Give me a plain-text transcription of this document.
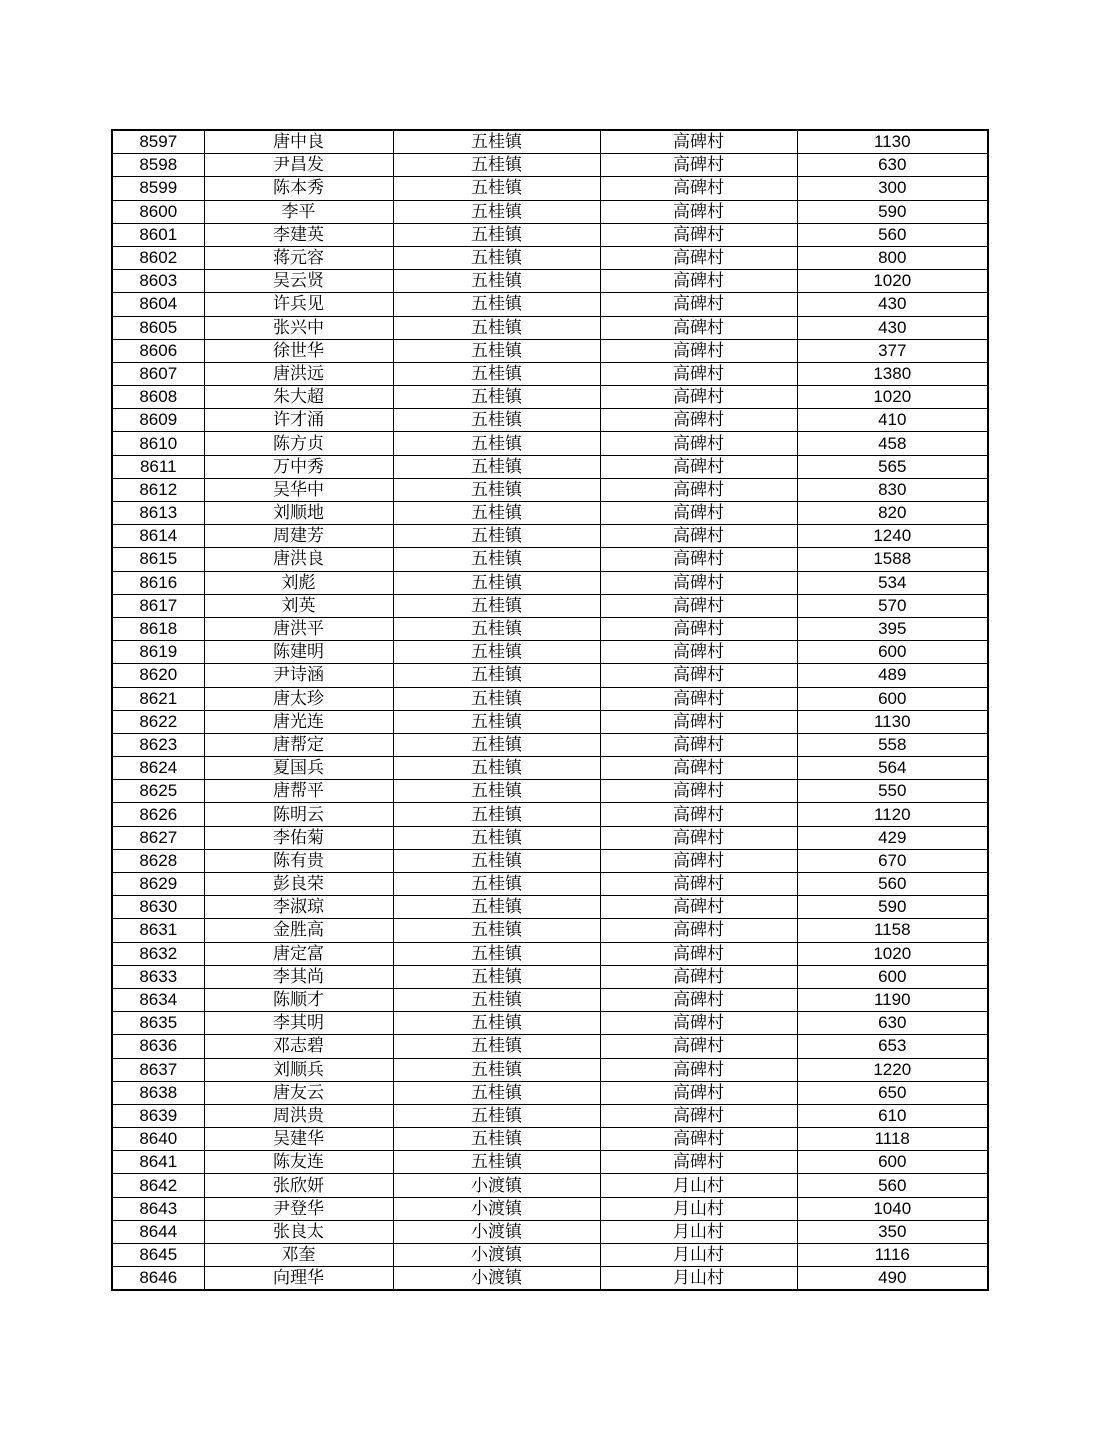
8597	唐中良	五桂镇	高碑村	1130
8598	尹昌发	五桂镇	高碑村	630
8599	陈本秀	五桂镇	高碑村	300
8600	李平	五桂镇	高碑村	590
8601	李建英	五桂镇	高碑村	560
8602	蒋元容	五桂镇	高碑村	800
8603	吴云贤	五桂镇	高碑村	1020
8604	许兵见	五桂镇	高碑村	430
8605	张兴中	五桂镇	高碑村	430
8606	徐世华	五桂镇	高碑村	377
8607	唐洪远	五桂镇	高碑村	1380
8608	朱大超	五桂镇	高碑村	1020
8609	许才涌	五桂镇	高碑村	410
8610	陈方贞	五桂镇	高碑村	458
8611	万中秀	五桂镇	高碑村	565
8612	吴华中	五桂镇	高碑村	830
8613	刘顺地	五桂镇	高碑村	820
8614	周建芳	五桂镇	高碑村	1240
8615	唐洪良	五桂镇	高碑村	1588
8616	刘彪	五桂镇	高碑村	534
8617	刘英	五桂镇	高碑村	570
8618	唐洪平	五桂镇	高碑村	395
8619	陈建明	五桂镇	高碑村	600
8620	尹诗涵	五桂镇	高碑村	489
8621	唐太珍	五桂镇	高碑村	600
8622	唐光连	五桂镇	高碑村	1130
8623	唐帮定	五桂镇	高碑村	558
8624	夏国兵	五桂镇	高碑村	564
8625	唐帮平	五桂镇	高碑村	550
8626	陈明云	五桂镇	高碑村	1120
8627	李佑菊	五桂镇	高碑村	429
8628	陈有贵	五桂镇	高碑村	670
8629	彭良荣	五桂镇	高碑村	560
8630	李淑琼	五桂镇	高碑村	590
8631	金胜高	五桂镇	高碑村	1158
8632	唐定富	五桂镇	高碑村	1020
8633	李其尚	五桂镇	高碑村	600
8634	陈顺才	五桂镇	高碑村	1190
8635	李其明	五桂镇	高碑村	630
8636	邓志碧	五桂镇	高碑村	653
8637	刘顺兵	五桂镇	高碑村	1220
8638	唐友云	五桂镇	高碑村	650
8639	周洪贵	五桂镇	高碑村	610
8640	吴建华	五桂镇	高碑村	1118
8641	陈友连	五桂镇	高碑村	600
8642	张欣妍	小渡镇	月山村	560
8643	尹登华	小渡镇	月山村	1040
8644	张良太	小渡镇	月山村	350
8645	邓奎	小渡镇	月山村	1116
8646	向理华	小渡镇	月山村	490
